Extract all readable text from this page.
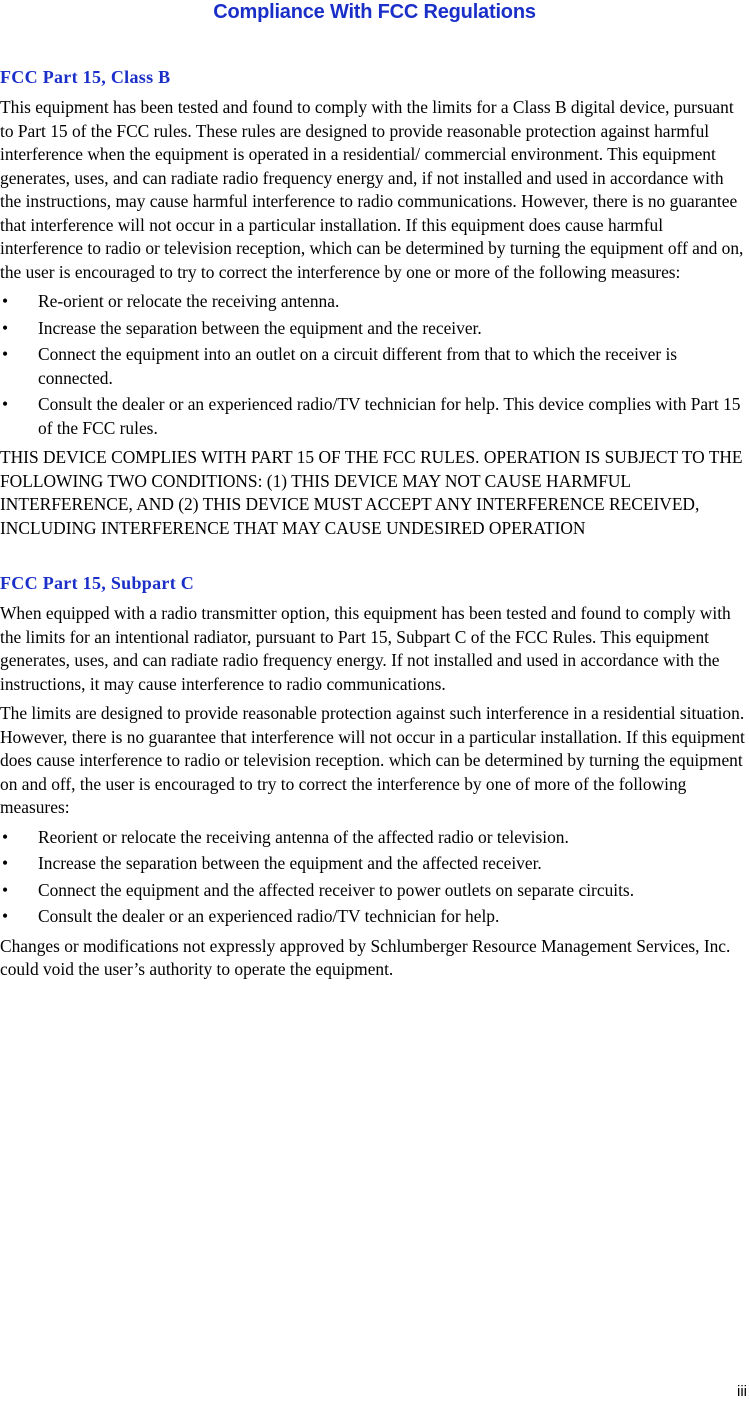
Compliance With FCC Regulations
FCC Part 15, Class B

This equipment has been tested and found to comply with the limits for a Class B digital device, pursuant to Part 15 of the FCC rules. These rules are designed to provide reasonable protection against harmful interference when the equipment is operated in a residential/ commercial environment. This equipment generates, uses, and can radiate radio frequency energy and, if not installed and used in accordance with the instructions, may cause harmful interference to radio communications. However, there is no guarantee that interference will not occur in a particular installation. If this equipment does cause harmful interference to radio or television reception, which can be determined by turning the equipment off and on, the user is encouraged to try to correct the interference by one or more of the following measures:

• Re-orient or relocate the receiving antenna.
• Increase the separation between the equipment and the receiver.
• Connect the equipment into an outlet on a circuit different from that to which the receiver is connected.
• Consult the dealer or an experienced radio/TV technician for help. This device complies with Part 15 of the FCC rules.

THIS DEVICE COMPLIES WITH PART 15 OF THE FCC RULES. OPERATION IS SUBJECT TO THE FOLLOWING TWO CONDITIONS: (1) THIS DEVICE MAY NOT CAUSE HARMFUL INTERFERENCE, AND (2) THIS DEVICE MUST ACCEPT ANY INTERFERENCE RECEIVED, INCLUDING INTERFERENCE THAT MAY CAUSE UNDESIRED OPERATION

FCC Part 15, Subpart C

When equipped with a radio transmitter option, this equipment has been tested and found to comply with the limits for an intentional radiator, pursuant to Part 15, Subpart C of the FCC Rules. This equipment generates, uses, and can radiate radio frequency energy. If not installed and used in accordance with the instructions, it may cause interference to radio communications.

The limits are designed to provide reasonable protection against such interference in a residential situation. However, there is no guarantee that interference will not occur in a particular installation. If this equipment does cause interference to radio or television reception. which can be determined by turning the equipment on and off, the user is encouraged to try to correct the interference by one of more of the following measures:

• Reorient or relocate the receiving antenna of the affected radio or television.
• Increase the separation between the equipment and the affected receiver.
• Connect the equipment and the affected receiver to power outlets on separate circuits.
• Consult the dealer or an experienced radio/TV technician for help.

Changes or modifications not expressly approved by Schlumberger Resource Management Services, Inc. could void the user’s authority to operate the equipment.

iii
